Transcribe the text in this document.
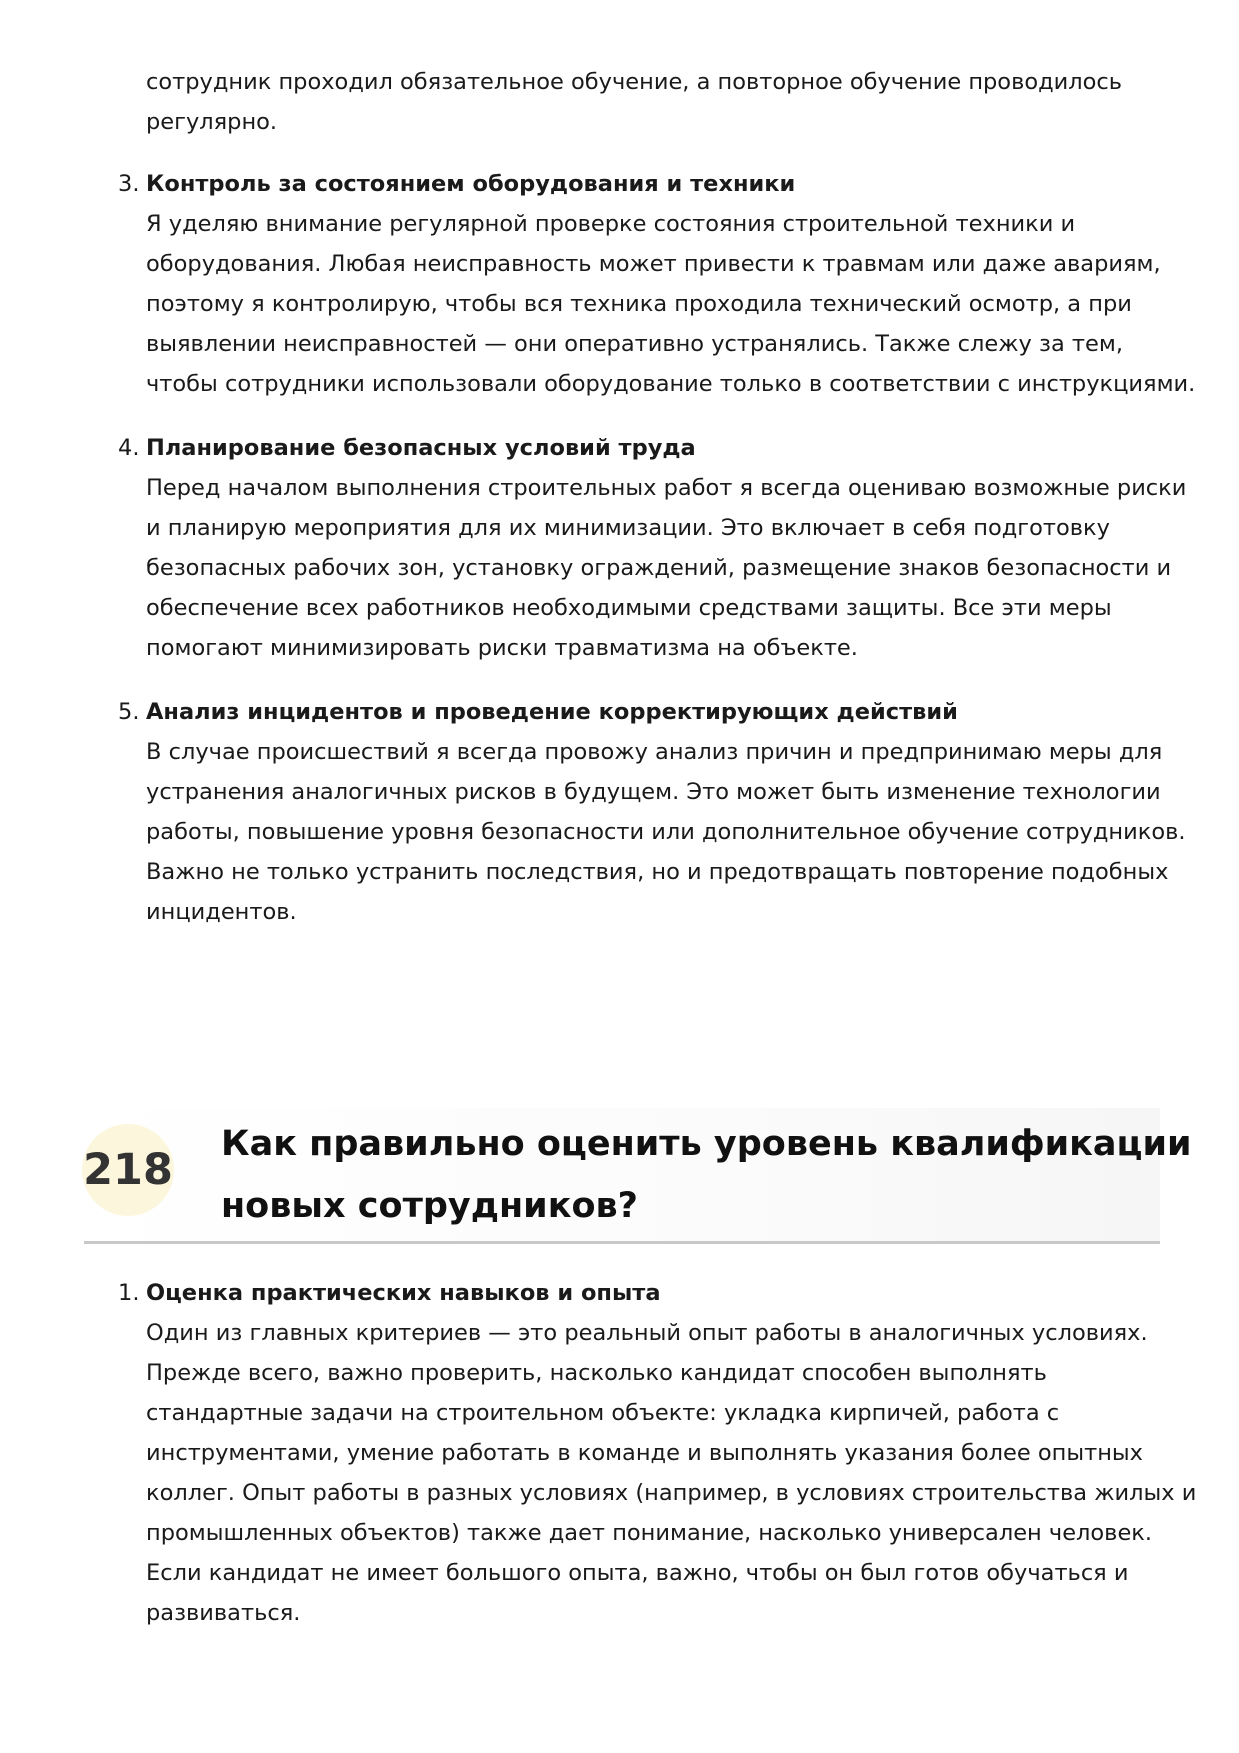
сотрудник проходил обязательное обучение, а повторное обучение проводилось
регулярно.
3. Контроль за состоянием оборудования и техники
Я уделяю внимание регулярной проверке состояния строительной техники и
оборудования. Любая неисправность может привести к травмам или даже авариям,
поэтому я контролирую, чтобы вся техника проходила технический осмотр, а при
выявлении неисправностей — они оперативно устранялись. Также слежу за тем,
чтобы сотрудники использовали оборудование только в соответствии с инструкциями.
4. Планирование безопасных условий труда
Перед началом выполнения строительных работ я всегда оцениваю возможные риски
и планирую мероприятия для их минимизации. Это включает в себя подготовку
безопасных рабочих зон, установку ограждений, размещение знаков безопасности и
обеспечение всех работников необходимыми средствами защиты. Все эти меры
помогают минимизировать риски травматизма на объекте.
5. Анализ инцидентов и проведение корректирующих действий
В случае происшествий я всегда провожу анализ причин и предпринимаю меры для
устранения аналогичных рисков в будущем. Это может быть изменение технологии
работы, повышение уровня безопасности или дополнительное обучение сотрудников.
Важно не только устранить последствия, но и предотвращать повторение подобных
инцидентов.
218
Как правильно оценить уровень квалификации
новых сотрудников?
1. Оценка практических навыков и опыта
Один из главных критериев — это реальный опыт работы в аналогичных условиях.
Прежде всего, важно проверить, насколько кандидат способен выполнять
стандартные задачи на строительном объекте: укладка кирпичей, работа с
инструментами, умение работать в команде и выполнять указания более опытных
коллег. Опыт работы в разных условиях (например, в условиях строительства жилых и
промышленных объектов) также дает понимание, насколько универсален человек.
Если кандидат не имеет большого опыта, важно, чтобы он был готов обучаться и
развиваться.
